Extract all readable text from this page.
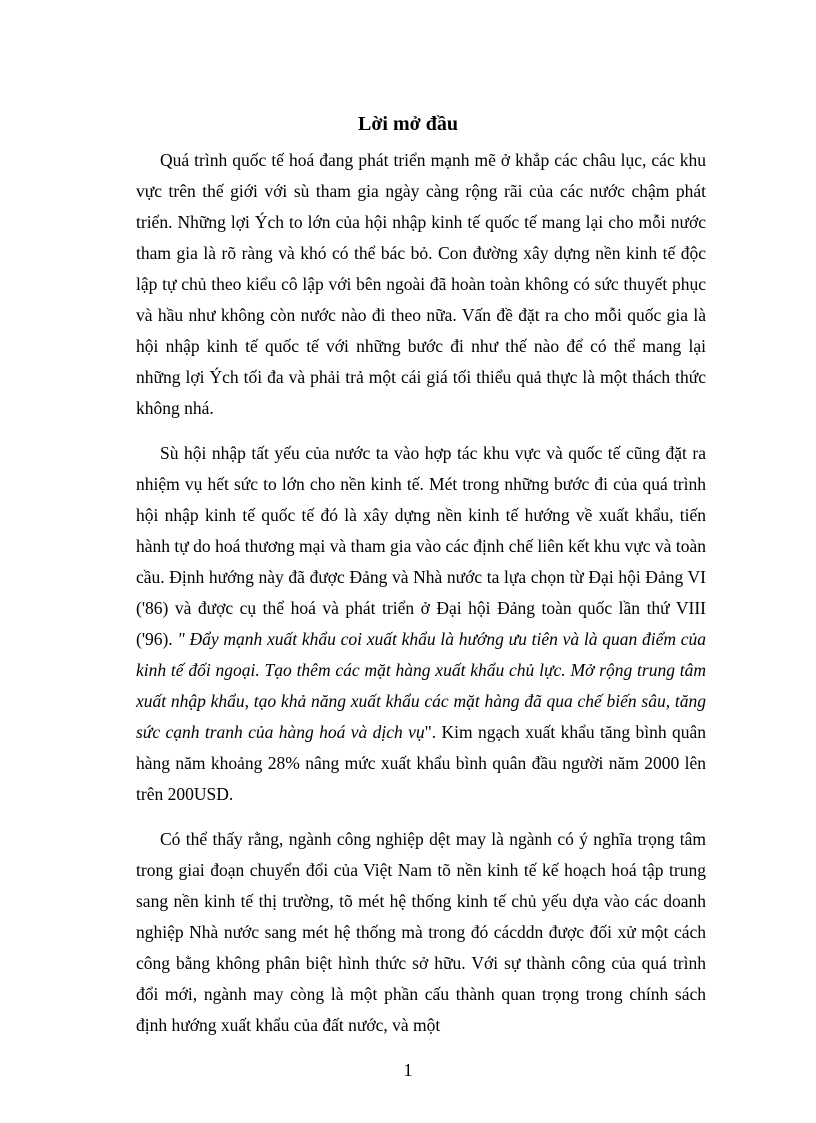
Lời mở đầu

Quá trình quốc tế hoá đang phát triển mạnh mẽ ở khắp các châu lục, các khu vực trên thế giới với sù tham gia ngày càng rộng rãi của các nước chậm phát triển. Những lợi Ých to lớn của hội nhập kinh tế quốc tế mang lại cho mỗi nước tham gia là rõ ràng và khó có thể bác bỏ. Con đường xây dựng nền kinh tế độc lập tự chủ theo kiểu cô lập với bên ngoài đã hoàn toàn không có sức thuyết phục và hầu như không còn nước nào đi theo nữa. Vấn đề đặt ra cho mỗi quốc gia là hội nhập kinh tế quốc tế với những bước đi như thế nào để có thể mang lại những lợi Ých tối đa và phải trả một cái giá tối thiểu quả thực là một thách thức không nhá.

Sù hội nhập tất yếu của nước ta vào hợp tác khu vực và quốc tế cũng đặt ra nhiệm vụ hết sức to lớn cho nền kinh tế. Mét trong những bước đi của quá trình hội nhập kinh tế quốc tế đó là xây dựng nền kinh tế hướng về xuất khẩu, tiến hành tự do hoá thương mại và tham gia vào các định chế liên kết khu vực và toàn cầu. Định hướng này đã được Đảng và Nhà nước ta lựa chọn từ Đại hội Đảng VI ('86) và được cụ thể hoá và phát triển ở Đại hội Đảng toàn quốc lần thứ VIII ('96). " Đẩy mạnh xuất khẩu coi xuất khẩu là hướng ưu tiên và là quan điểm của kinh tế đối ngoại. Tạo thêm các mặt hàng xuất khẩu chủ lực. Mở rộng trung tâm xuất nhập khẩu, tạo khả năng xuất khẩu các mặt hàng đã qua chế biến sâu, tăng sức cạnh tranh của hàng hoá và dịch vụ". Kim ngạch xuất khẩu tăng bình quân hàng năm khoảng 28% nâng mức xuất khẩu bình quân đầu người năm 2000 lên trên 200USD.

Có thể thấy rằng, ngành công nghiệp dệt may là ngành có ý nghĩa trọng tâm trong giai đoạn chuyển đổi của Việt Nam tõ nền kinh tế kế hoạch hoá tập trung sang nền kinh tế thị trường, tõ mét hệ thống kinh tế chủ yếu dựa vào các doanh nghiệp Nhà nước sang mét hệ thống mà trong đó cácddn được đối xử một cách công bằng không phân biệt hình thức sở hữu. Với sự thành công của quá trình đổi mới, ngành may còng là một phần cấu thành quan trọng trong chính sách định hướng xuất khẩu của đất nước, và một

1
